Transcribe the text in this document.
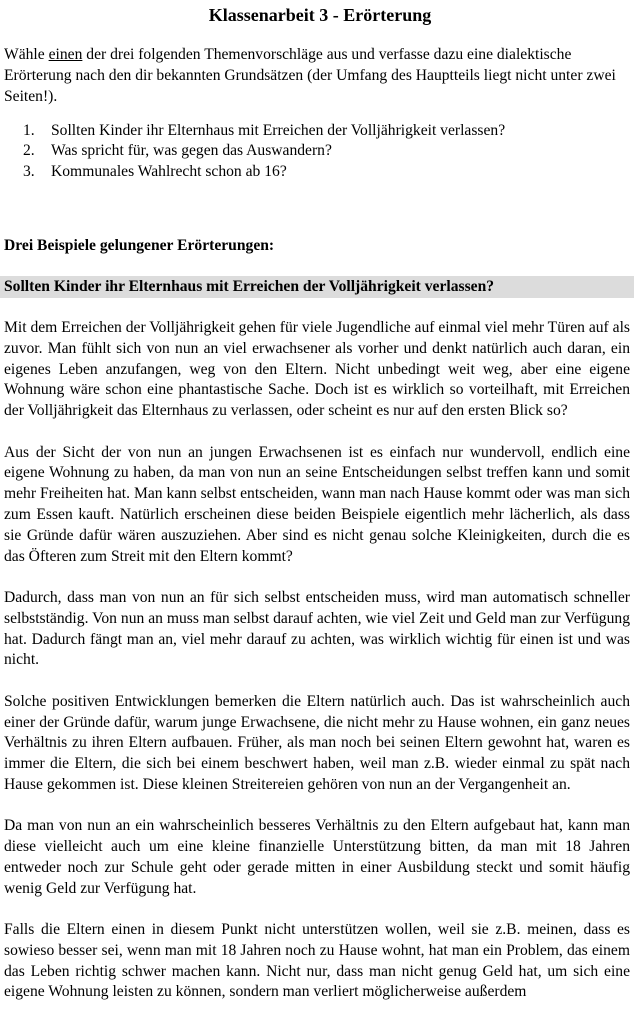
Klassenarbeit 3 - Erörterung

Wähle einen der drei folgenden Themenvorschläge aus und verfasse dazu eine dialektische Erörterung nach den dir bekannten Grundsätzen (der Umfang des Hauptteils liegt nicht unter zwei Seiten!).

1.	Sollten Kinder ihr Elternhaus mit Erreichen der Volljährigkeit verlassen?
2.	Was spricht für, was gegen das Auswandern?
3.	Kommunales Wahlrecht schon ab 16?
Drei Beispiele gelungener Erörterungen:
Sollten Kinder ihr Elternhaus mit Erreichen der Volljährigkeit verlassen?

Mit dem Erreichen der Volljährigkeit gehen für viele Jugendliche auf einmal viel mehr Türen auf als zuvor. Man fühlt sich von nun an viel erwachsener als vorher und denkt natürlich auch daran, ein eigenes Leben anzufangen, weg von den Eltern. Nicht unbedingt weit weg, aber eine eigene Wohnung wäre schon eine phantastische Sache. Doch ist es wirklich so vorteilhaft, mit Erreichen der Volljährigkeit das Elternhaus zu verlassen, oder scheint es nur auf den ersten Blick so?

Aus der Sicht der von nun an jungen Erwachsenen ist es einfach nur wundervoll, endlich eine eigene Wohnung zu haben, da man von nun an seine Entscheidungen selbst treffen kann und somit mehr Freiheiten hat. Man kann selbst entscheiden, wann man nach Hause kommt oder was man sich zum Essen kauft. Natürlich erscheinen diese beiden Beispiele eigentlich mehr lächerlich, als dass sie Gründe dafür wären auszuziehen. Aber sind es nicht genau solche Kleinigkeiten, durch die es das Öfteren zum Streit mit den Eltern kommt?

Dadurch, dass man von nun an für sich selbst entscheiden muss, wird man automatisch schneller selbstständig. Von nun an muss man selbst darauf achten, wie viel Zeit und Geld man zur Verfügung hat. Dadurch fängt man an, viel mehr darauf zu achten, was wirklich wichtig für einen ist und was nicht.

Solche positiven Entwicklungen bemerken die Eltern natürlich auch. Das ist wahrscheinlich auch einer der Gründe dafür, warum junge Erwachsene, die nicht mehr zu Hause wohnen, ein ganz neues Verhältnis zu ihren Eltern aufbauen. Früher, als man noch bei seinen Eltern gewohnt hat, waren es immer die Eltern, die sich bei einem beschwert haben, weil man z.B. wieder einmal zu spät nach Hause gekommen ist. Diese kleinen Streitereien gehören von nun an der Vergangenheit an.

Da man von nun an ein wahrscheinlich besseres Verhältnis zu den Eltern aufgebaut hat, kann man diese vielleicht auch um eine kleine finanzielle Unterstützung bitten, da man mit 18 Jahren entweder noch zur Schule geht oder gerade mitten in einer Ausbildung steckt und somit häufig wenig Geld zur Verfügung hat.

Falls die Eltern einen in diesem Punkt nicht unterstützen wollen, weil sie z.B. meinen, dass es sowieso besser sei, wenn man mit 18 Jahren noch zu Hause wohnt, hat man ein Problem, das einem das Leben richtig schwer machen kann. Nicht nur, dass man nicht genug Geld hat, um sich eine eigene Wohnung leisten zu können, sondern man verliert möglicherweise außerdem
